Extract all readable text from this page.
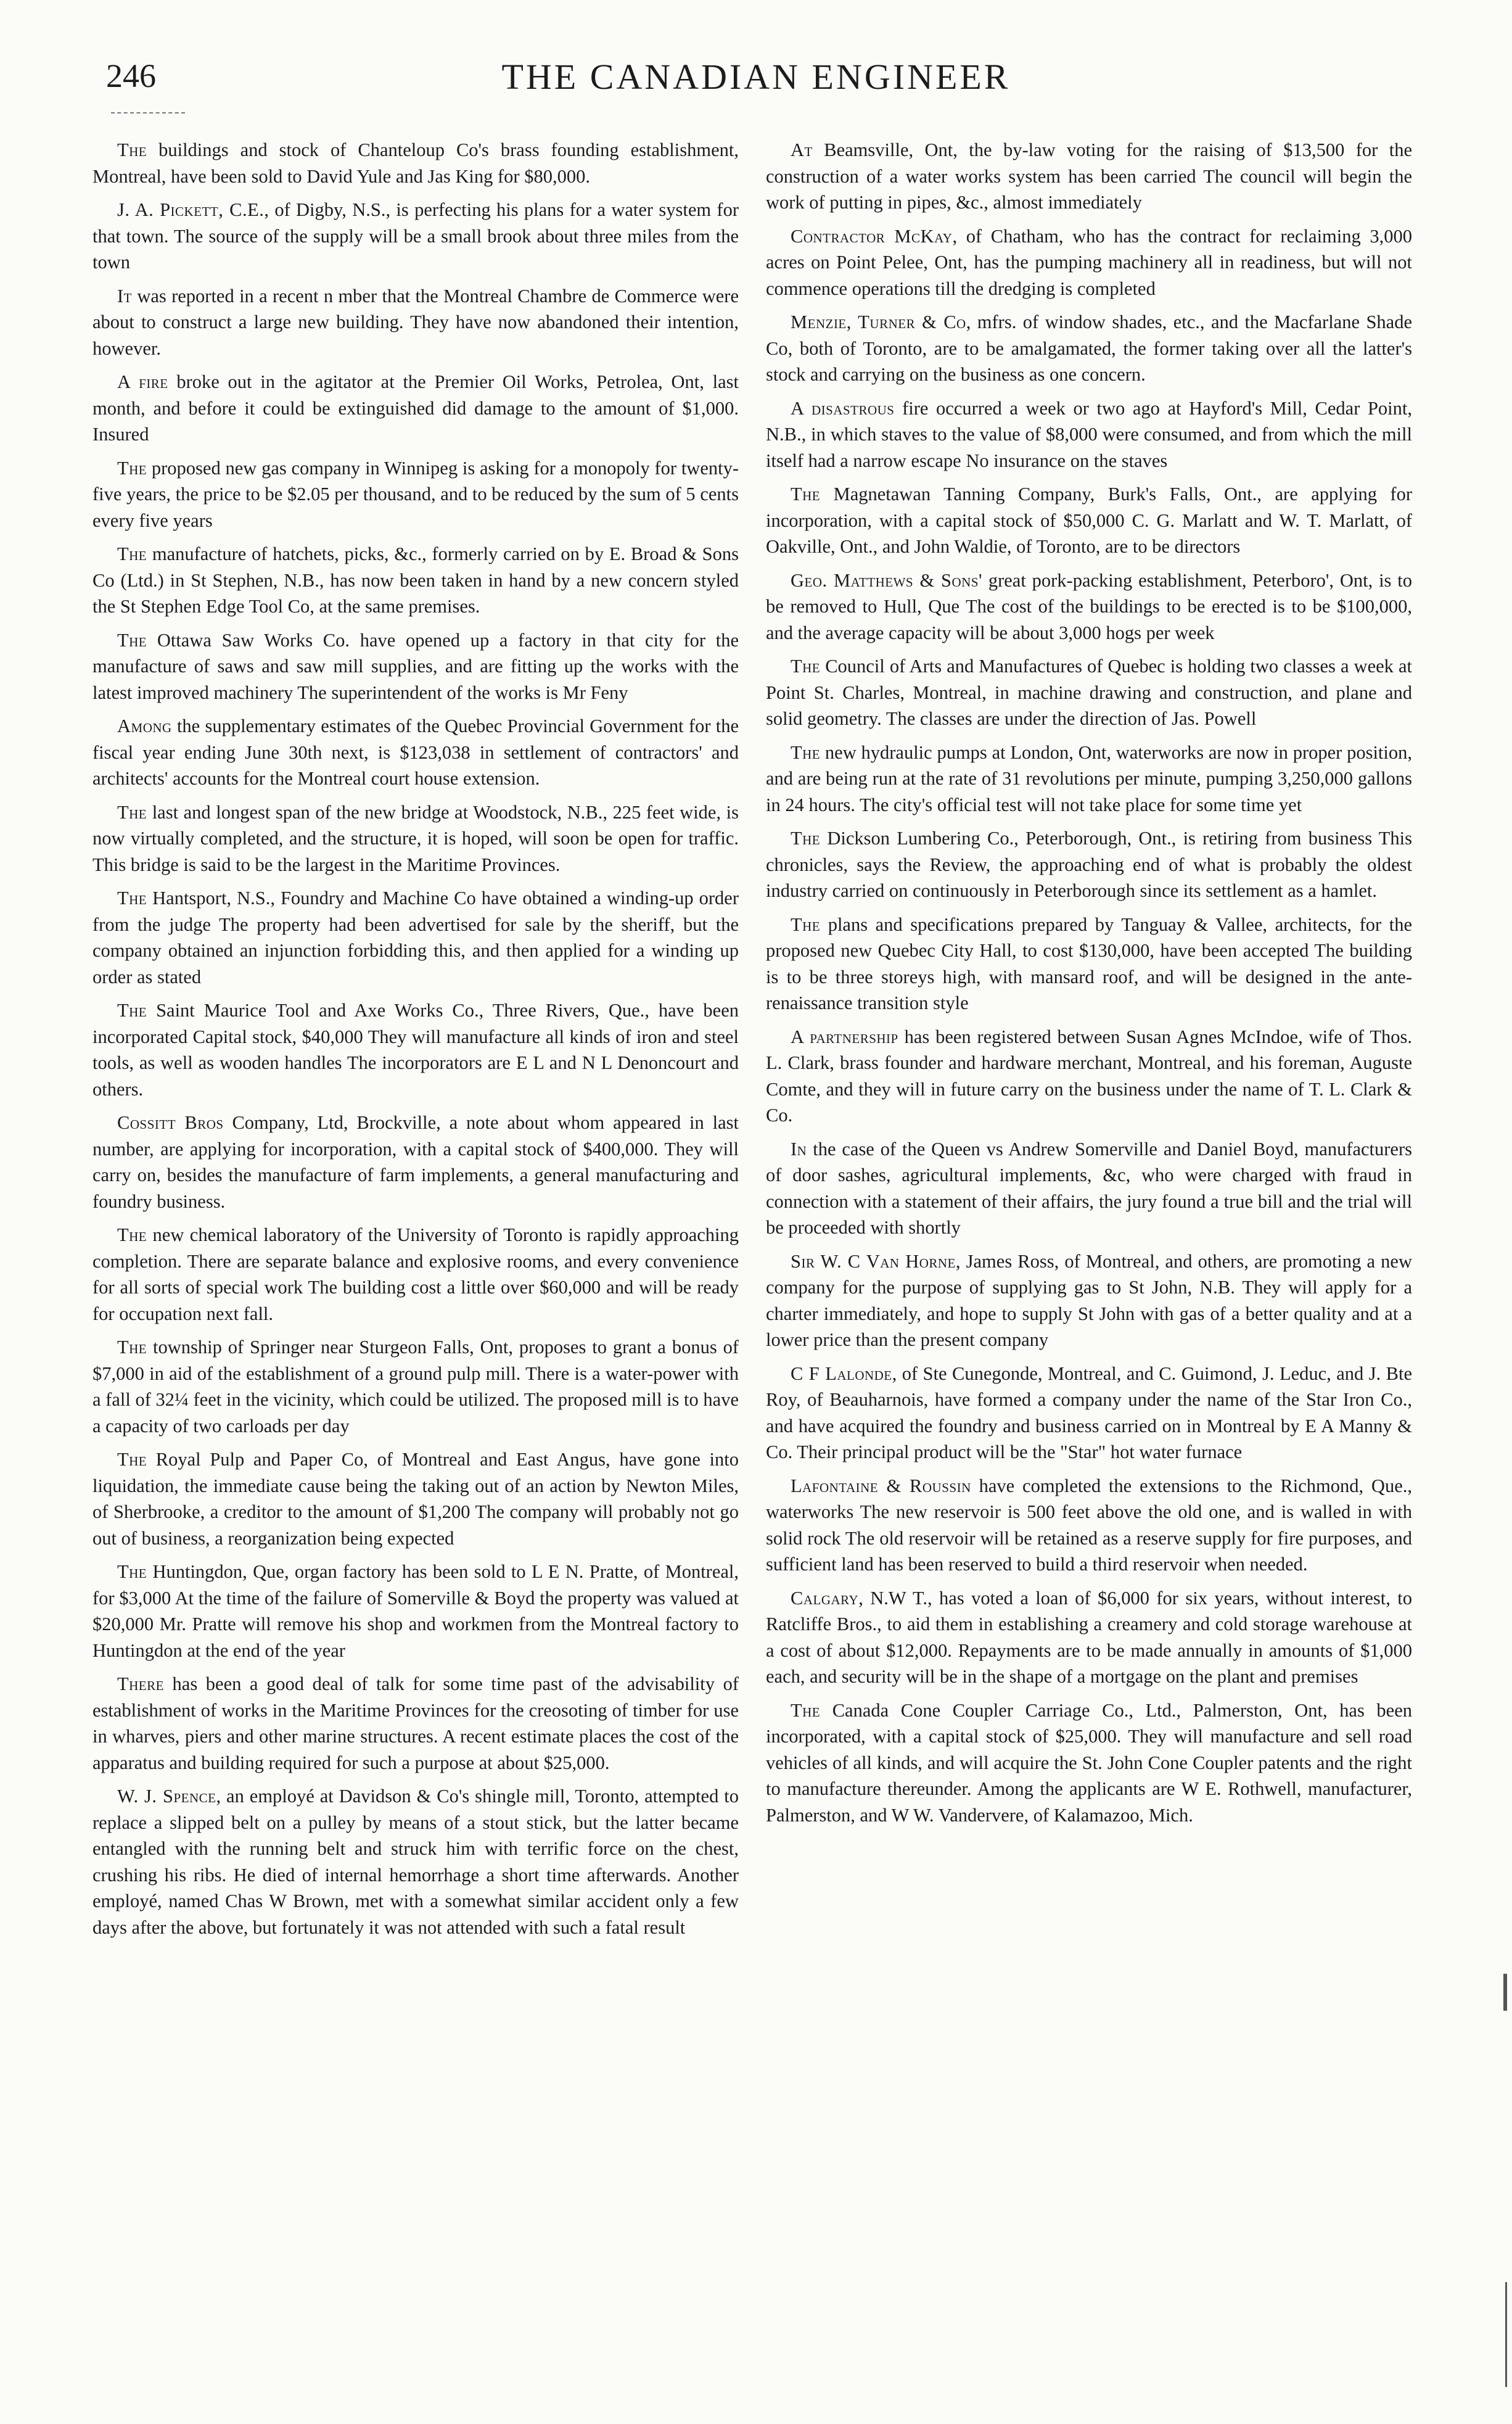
246	THE CANADIAN ENGINEER

The buildings and stock of Chanteloup Co's brass founding establishment, Montreal, have been sold to David Yule and Jas King for $80,000.

J. A. Pickett, C.E., of Digby, N.S., is perfecting his plans for a water system for that town. The source of the supply will be a small brook about three miles from the town

It was reported in a recent n mber that the Montreal Chambre de Commerce were about to construct a large new building. They have now abandoned their intention, however.

A fire broke out in the agitator at the Premier Oil Works, Petrolea, Ont, last month, and before it could be extinguished did damage to the amount of $1,000. Insured

The proposed new gas company in Winnipeg is asking for a monopoly for twenty-five years, the price to be $2.05 per thousand, and to be reduced by the sum of 5 cents every five years

The manufacture of hatchets, picks, &c., formerly carried on by E. Broad & Sons Co (Ltd.) in St Stephen, N.B., has now been taken in hand by a new concern styled the St Stephen Edge Tool Co, at the same premises.

The Ottawa Saw Works Co. have opened up a factory in that city for the manufacture of saws and saw mill supplies, and are fitting up the works with the latest improved machinery The superintendent of the works is Mr Feny

Among the supplementary estimates of the Quebec Provincial Government for the fiscal year ending June 30th next, is $123,038 in settlement of contractors' and architects' accounts for the Montreal court house extension.

The last and longest span of the new bridge at Woodstock, N.B., 225 feet wide, is now virtually completed, and the structure, it is hoped, will soon be open for traffic. This bridge is said to be the largest in the Maritime Provinces.

The Hantsport, N.S., Foundry and Machine Co have obtained a winding-up order from the judge The property had been advertised for sale by the sheriff, but the company obtained an injunction forbidding this, and then applied for a winding up order as stated

The Saint Maurice Tool and Axe Works Co., Three Rivers, Que., have been incorporated Capital stock, $40,000 They will manufacture all kinds of iron and steel tools, as well as wooden handles The incorporators are E L and N L Denoncourt and others.

Cossitt Bros Company, Ltd, Brockville, a note about whom appeared in last number, are applying for incorporation, with a capital stock of $400,000. They will carry on, besides the manufacture of farm implements, a general manufacturing and foundry business.

The new chemical laboratory of the University of Toronto is rapidly approaching completion. There are separate balance and explosive rooms, and every convenience for all sorts of special work The building cost a little over $60,000 and will be ready for occupation next fall.

The township of Springer near Sturgeon Falls, Ont, proposes to grant a bonus of $7,000 in aid of the establishment of a ground pulp mill. There is a water-power with a fall of 32¼ feet in the vicinity, which could be utilized. The proposed mill is to have a capacity of two carloads per day

The Royal Pulp and Paper Co, of Montreal and East Angus, have gone into liquidation, the immediate cause being the taking out of an action by Newton Miles, of Sherbrooke, a creditor to the amount of $1,200 The company will probably not go out of business, a reorganization being expected

The Huntingdon, Que, organ factory has been sold to L E N. Pratte, of Montreal, for $3,000 At the time of the failure of Somerville & Boyd the property was valued at $20,000 Mr. Pratte will remove his shop and workmen from the Montreal factory to Huntingdon at the end of the year

There has been a good deal of talk for some time past of the advisability of establishment of works in the Maritime Provinces for the creosoting of timber for use in wharves, piers and other marine structures. A recent estimate places the cost of the apparatus and building required for such a purpose at about $25,000.

W. J. Spence, an employé at Davidson & Co's shingle mill, Toronto, attempted to replace a slipped belt on a pulley by means of a stout stick, but the latter became entangled with the running belt and struck him with terrific force on the chest, crushing his ribs. He died of internal hemorrhage a short time afterwards. Another employé, named Chas W Brown, met with a somewhat similar accident only a few days after the above, but fortunately it was not attended with such a fatal result

At Beamsville, Ont, the by-law voting for the raising of $13,500 for the construction of a water works system has been carried The council will begin the work of putting in pipes, &c., almost immediately

Contractor McKay, of Chatham, who has the contract for reclaiming 3,000 acres on Point Pelee, Ont, has the pumping machinery all in readiness, but will not commence operations till the dredging is completed

Menzie, Turner & Co, mfrs. of window shades, etc., and the Macfarlane Shade Co, both of Toronto, are to be amalgamated, the former taking over all the latter's stock and carrying on the business as one concern.

A disastrous fire occurred a week or two ago at Hayford's Mill, Cedar Point, N.B., in which staves to the value of $8,000 were consumed, and from which the mill itself had a narrow escape No insurance on the staves

The Magnetawan Tanning Company, Burk's Falls, Ont., are applying for incorporation, with a capital stock of $50,000 C. G. Marlatt and W. T. Marlatt, of Oakville, Ont., and John Waldie, of Toronto, are to be directors

Geo. Matthews & Sons' great pork-packing establishment, Peterboro', Ont, is to be removed to Hull, Que The cost of the buildings to be erected is to be $100,000, and the average capacity will be about 3,000 hogs per week

The Council of Arts and Manufactures of Quebec is holding two classes a week at Point St. Charles, Montreal, in machine drawing and construction, and plane and solid geometry. The classes are under the direction of Jas. Powell

The new hydraulic pumps at London, Ont, waterworks are now in proper position, and are being run at the rate of 31 revolutions per minute, pumping 3,250,000 gallons in 24 hours. The city's official test will not take place for some time yet

The Dickson Lumbering Co., Peterborough, Ont., is retiring from business This chronicles, says the Review, the approaching end of what is probably the oldest industry carried on continuously in Peterborough since its settlement as a hamlet.

The plans and specifications prepared by Tanguay & Vallee, architects, for the proposed new Quebec City Hall, to cost $130,000, have been accepted The building is to be three storeys high, with mansard roof, and will be designed in the ante-renaissance transition style

A partnership has been registered between Susan Agnes McIndoe, wife of Thos. L. Clark, brass founder and hardware merchant, Montreal, and his foreman, Auguste Comte, and they will in future carry on the business under the name of T. L. Clark & Co.

In the case of the Queen vs Andrew Somerville and Daniel Boyd, manufacturers of door sashes, agricultural implements, &c, who were charged with fraud in connection with a statement of their affairs, the jury found a true bill and the trial will be proceeded with shortly

Sir W. C Van Horne, James Ross, of Montreal, and others, are promoting a new company for the purpose of supplying gas to St John, N.B. They will apply for a charter immediately, and hope to supply St John with gas of a better quality and at a lower price than the present company

C F Lalonde, of Ste Cunegonde, Montreal, and C. Guimond, J. Leduc, and J. Bte Roy, of Beauharnois, have formed a company under the name of the Star Iron Co., and have acquired the foundry and business carried on in Montreal by E A Manny & Co. Their principal product will be the "Star" hot water furnace

Lafontaine & Roussin have completed the extensions to the Richmond, Que., waterworks The new reservoir is 500 feet above the old one, and is walled in with solid rock The old reservoir will be retained as a reserve supply for fire purposes, and sufficient land has been reserved to build a third reservoir when needed.

Calgary, N.W T., has voted a loan of $6,000 for six years, without interest, to Ratcliffe Bros., to aid them in establishing a creamery and cold storage warehouse at a cost of about $12,000. Repayments are to be made annually in amounts of $1,000 each, and security will be in the shape of a mortgage on the plant and premises

The Canada Cone Coupler Carriage Co., Ltd., Palmerston, Ont, has been incorporated, with a capital stock of $25,000. They will manufacture and sell road vehicles of all kinds, and will acquire the St. John Cone Coupler patents and the right to manufacture thereunder. Among the applicants are W E. Rothwell, manufacturer, Palmerston, and W W. Vandervere, of Kalamazoo, Mich.
